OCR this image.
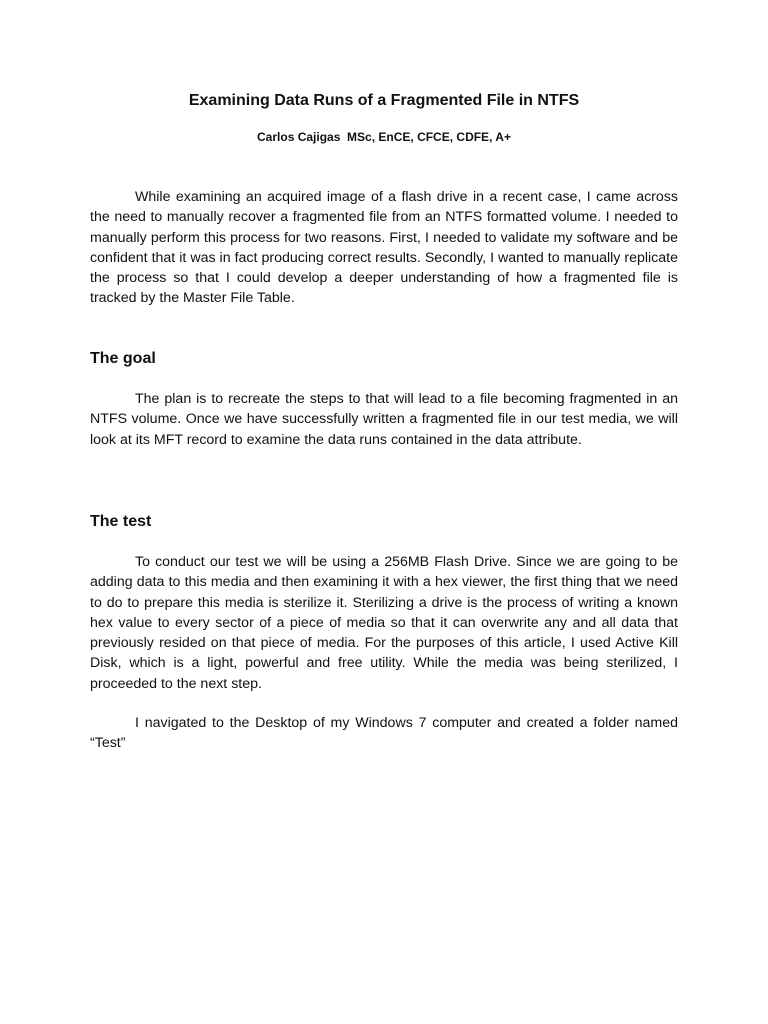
Examining Data Runs of a Fragmented File in NTFS

Carlos Cajigas  MSc, EnCE, CFCE, CDFE, A+

While examining an acquired image of a flash drive in a recent case, I came across the need to manually recover a fragmented file from an NTFS formatted volume. I needed to manually perform this process for two reasons. First, I needed to validate my software and be confident that it was in fact producing correct results. Secondly, I wanted to manually replicate the process so that I could develop a deeper understanding of how a fragmented file is tracked by the Master File Table.

The goal

The plan is to recreate the steps to that will lead to a file becoming fragmented in an NTFS volume. Once we have successfully written a fragmented file in our test media, we will look at its MFT record to examine the data runs contained in the data attribute.

The test

To conduct our test we will be using a 256MB Flash Drive. Since we are going to be adding data to this media and then examining it with a hex viewer, the first thing that we need to do to prepare this media is sterilize it. Sterilizing a drive is the process of writing a known hex value to every sector of a piece of media so that it can overwrite any and all data that previously resided on that piece of media. For the purposes of this article, I used Active Kill Disk, which is a light, powerful and free utility. While the media was being sterilized, I proceeded to the next step.

I navigated to the Desktop of my Windows 7 computer and created a folder named “Test”
